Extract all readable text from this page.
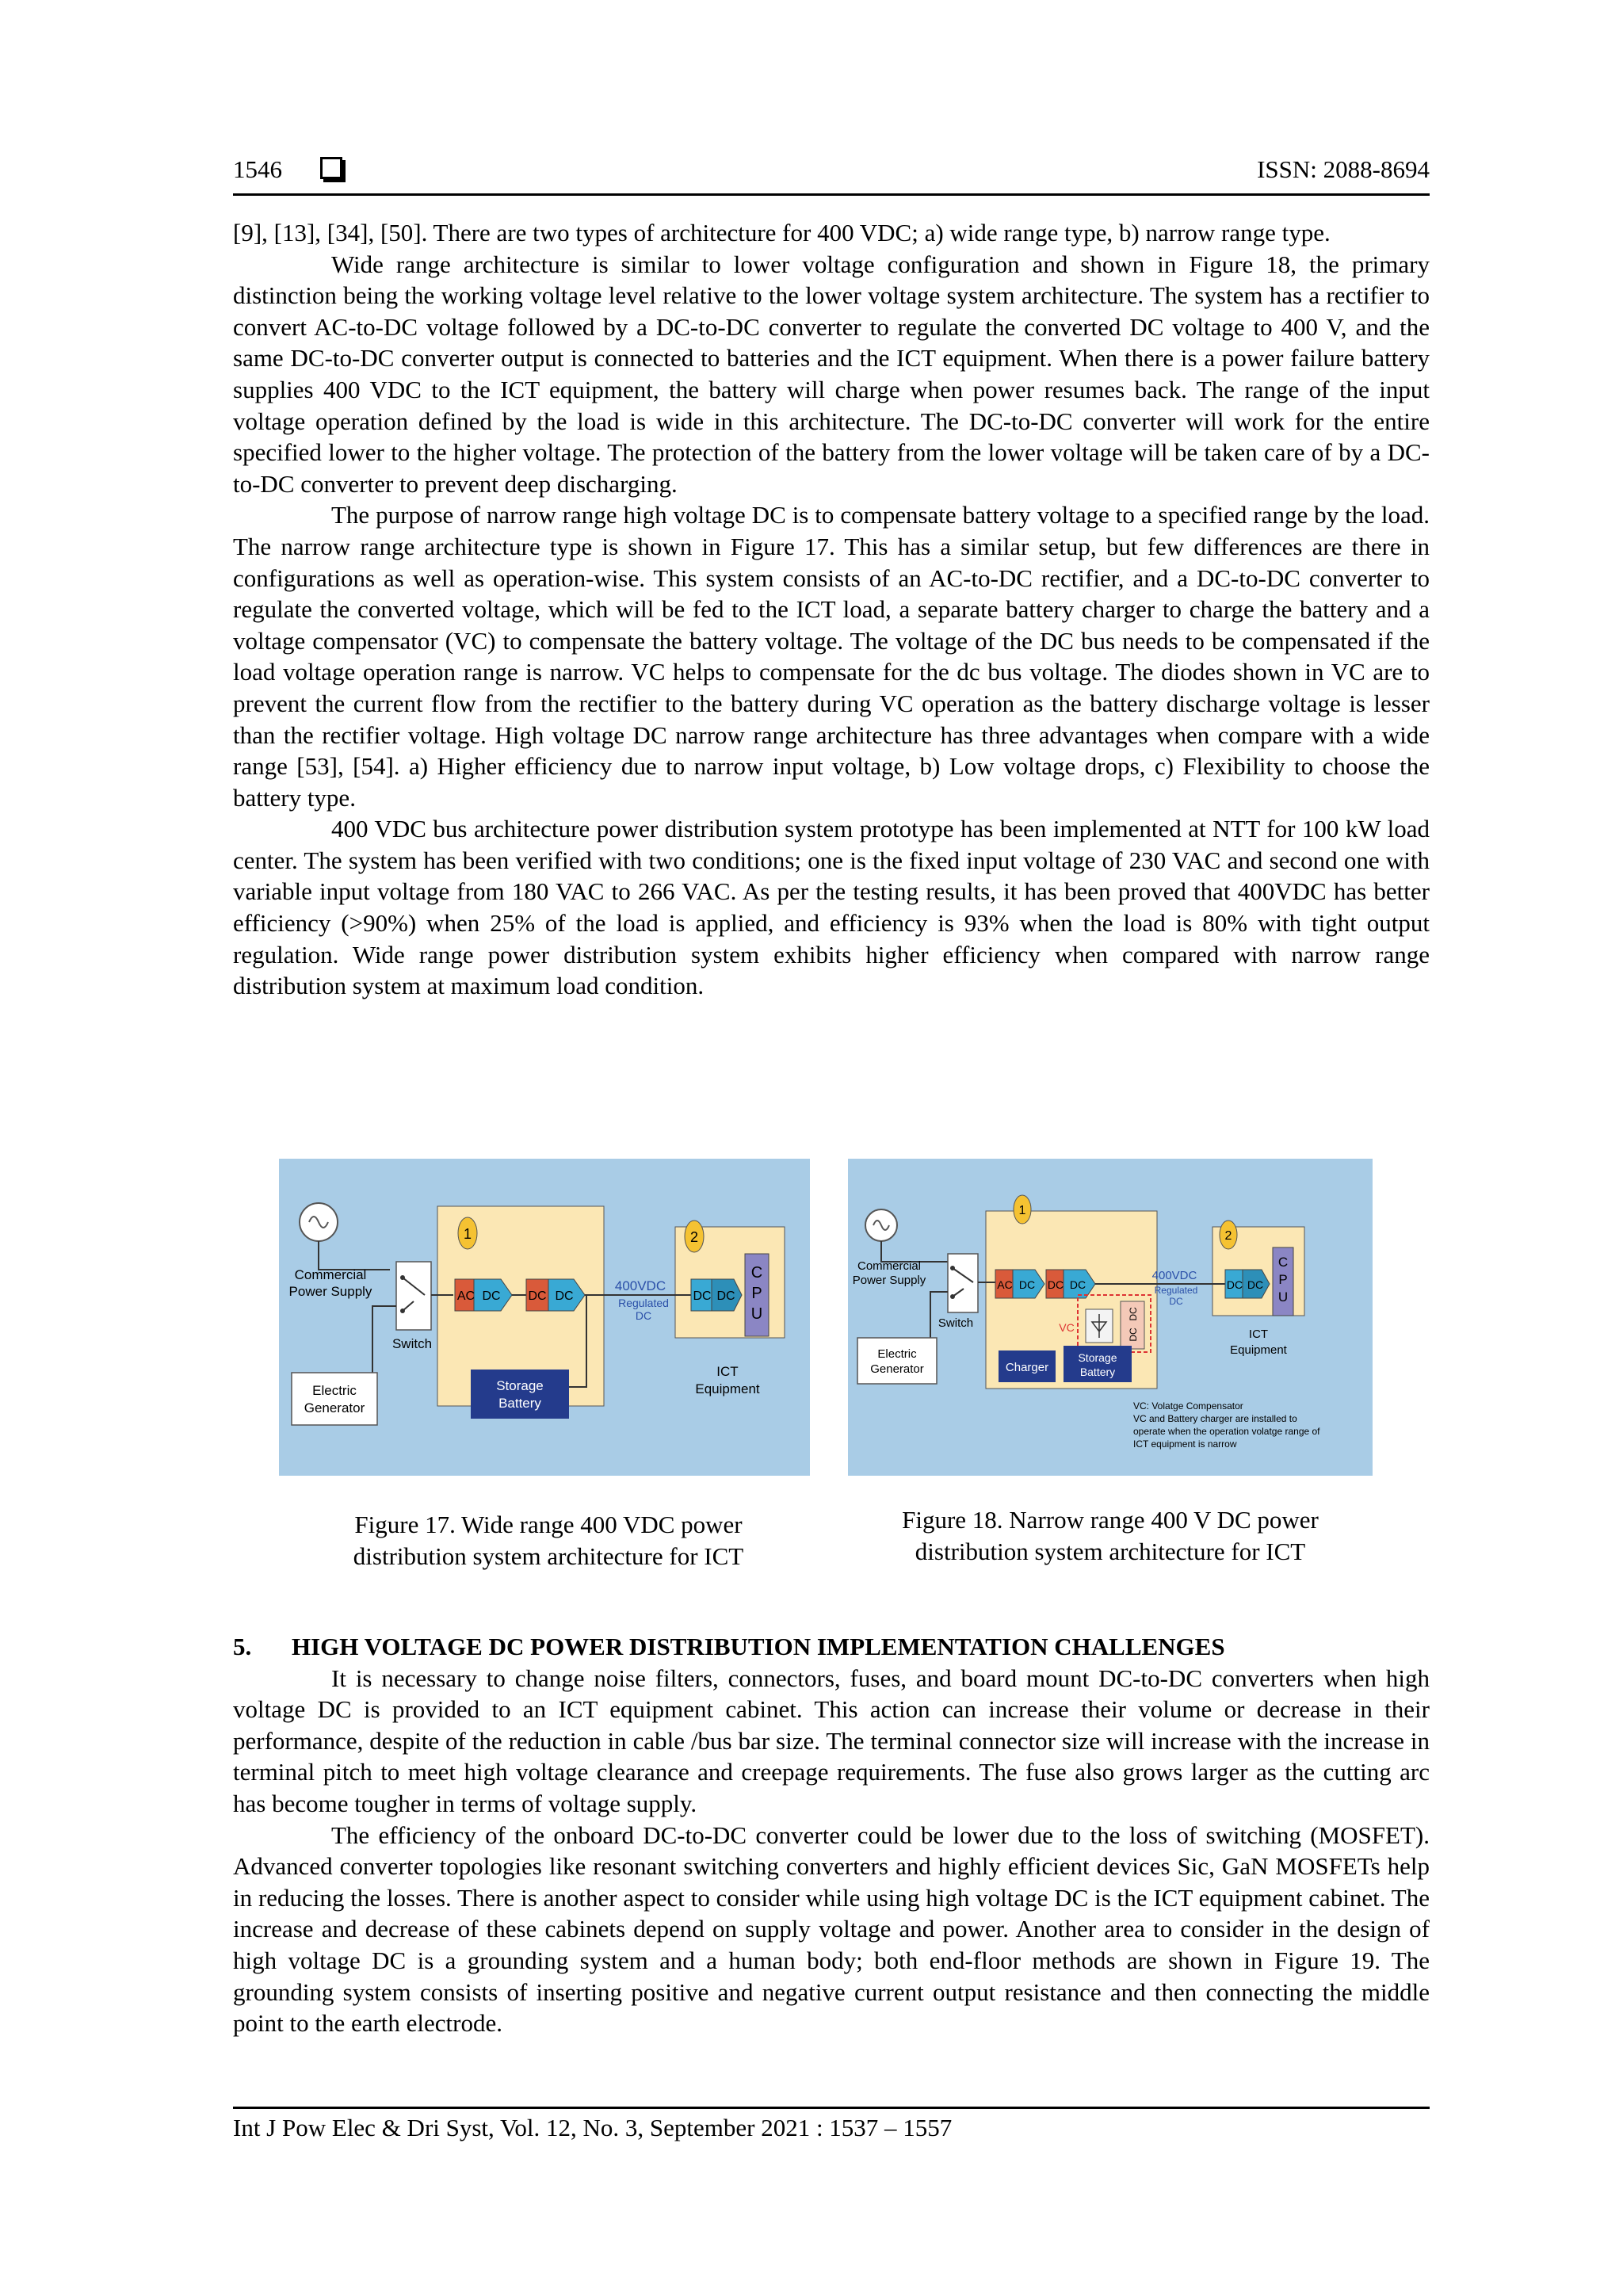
1546	ISSN: 2088-8694

[9], [13], [34], [50]. There are two types of architecture for 400 VDC; a) wide range type, b) narrow range type.

Wide range architecture is similar to lower voltage configuration and shown in Figure 18, the primary distinction being the working voltage level relative to the lower voltage system architecture. The system has a rectifier to convert AC-to-DC voltage followed by a DC-to-DC converter to regulate the converted DC voltage to 400 V, and the same DC-to-DC converter output is connected to batteries and the ICT equipment. When there is a power failure battery supplies 400 VDC to the ICT equipment, the battery will charge when power resumes back. The range of the input voltage operation defined by the load is wide in this architecture. The DC-to-DC converter will work for the entire specified lower to the higher voltage. The protection of the battery from the lower voltage will be taken care of by a DC-to-DC converter to prevent deep discharging.

The purpose of narrow range high voltage DC is to compensate battery voltage to a specified range by the load. The narrow range architecture type is shown in Figure 17. This has a similar setup, but few differences are there in configurations as well as operation-wise. This system consists of an AC-to-DC rectifier, and a DC-to-DC converter to regulate the converted voltage, which will be fed to the ICT load, a separate battery charger to charge the battery and a voltage compensator (VC) to compensate the battery voltage. The voltage of the DC bus needs to be compensated if the load voltage operation range is narrow. VC helps to compensate for the dc bus voltage. The diodes shown in VC are to prevent the current flow from the rectifier to the battery during VC operation as the battery discharge voltage is lesser than the rectifier voltage. High voltage DC narrow range architecture has three advantages when compare with a wide range [53], [54]. a) Higher efficiency due to narrow input voltage, b) Low voltage drops, c) Flexibility to choose the battery type.

400 VDC bus architecture power distribution system prototype has been implemented at NTT for 100 kW load center. The system has been verified with two conditions; one is the fixed input voltage of 230 VAC and second one with variable input voltage from 180 VAC to 266 VAC. As per the testing results, it has been proved that 400VDC has better efficiency (>90%) when 25% of the load is applied, and efficiency is 93% when the load is 80% with tight output regulation. Wide range power distribution system exhibits higher efficiency when compared with narrow range distribution system at maximum load condition.

Commercial
Power Supply
Switch
Electric
Generator
1
AC DC DC DC
400VDC
Regulated
DC
Storage
Battery
2
DC DC
C
P
U
ICT
Equipment
Figure 17. Wide range 400 VDC power
distribution system architecture for ICT
Commercial
Power Supply
Switch
Electric
Generator
1
AC DC DC DC
400VDC
Regulated
DC
VC
DC
DC
Charger
Storage
Battery
2
DC DC
C
P
U
ICT
Equipment
VC: Volatge Compensator
VC and Battery charger are installed to
operate when the operation volatge range of
ICT equipment is narrow
Figure 18. Narrow range 400 V DC power
distribution system architecture for ICT
5. HIGH VOLTAGE DC POWER DISTRIBUTION IMPLEMENTATION CHALLENGES

It is necessary to change noise filters, connectors, fuses, and board mount DC-to-DC converters when high voltage DC is provided to an ICT equipment cabinet. This action can increase their volume or decrease in their performance, despite of the reduction in cable /bus bar size. The terminal connector size will increase with the increase in terminal pitch to meet high voltage clearance and creepage requirements. The fuse also grows larger as the cutting arc has become tougher in terms of voltage supply.

The efficiency of the onboard DC-to-DC converter could be lower due to the loss of switching (MOSFET). Advanced converter topologies like resonant switching converters and highly efficient devices Sic, GaN MOSFETs help in reducing the losses. There is another aspect to consider while using high voltage DC is the ICT equipment cabinet. The increase and decrease of these cabinets depend on supply voltage and power. Another area to consider in the design of high voltage DC is a grounding system and a human body; both end-floor methods are shown in Figure 19. The grounding system consists of inserting positive and negative current output resistance and then connecting the middle point to the earth electrode.

Int J Pow Elec & Dri Syst, Vol. 12, No. 3, September 2021 : 1537 – 1557
